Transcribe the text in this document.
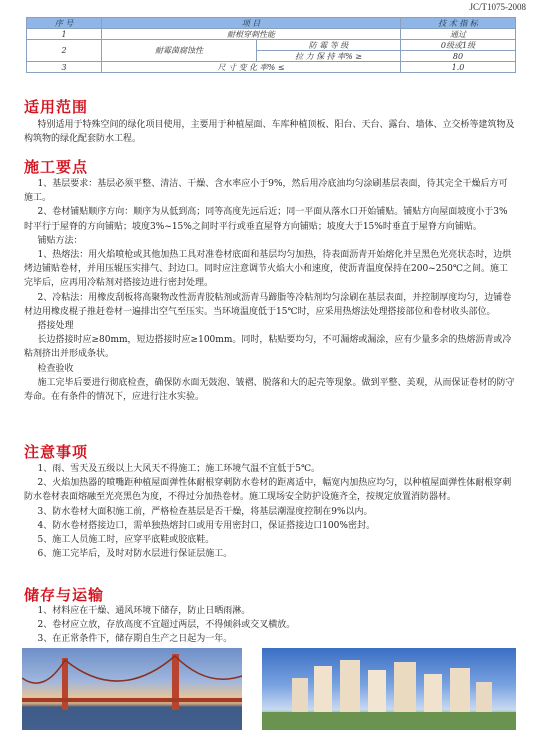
JC/T1075-2008
序 号	项 目		技 术 指 标
1	耐根穿刺性能		通过
2	耐霉菌腐蚀性	防 霉 等 级	0级或1级
		拉 力 保 持 率% ≥	80
3	尺 寸 变 化 率% ≤		1.0
适用范围

特别适用于特殊空间的绿化项目使用，主要用于种植屋面、车库种植顶板、阳台、天台、露台、墙体、立交桥等建筑物及构筑物的绿化配套防水工程。

施工要点

1、基层要求：基层必须平整、清洁、干燥、含水率应小于9%，然后用冷底油均匀涂刷基层表面，待其完全干燥后方可施工。

2、卷材铺贴顺序方向：顺序为从低到高；同等高度先远后近；同一平面从落水口开始铺贴。铺贴方向屋面坡度小于3%时平行于屋脊的方向铺贴；坡度3%~15%之间时平行或垂直屋脊方向铺贴；坡度大于15%时垂直于屋脊方向铺贴。

铺贴方法：

1、热熔法：用火焰喷枪或其他加热工具对准卷材底面和基层均匀加热，待表面沥青开始熔化并呈黑色光亮状态时，边烘烤边铺贴卷材，并用压辊压实排气、封边口。同时应注意调节火焰大小和速度，使沥青温度保持在200~250℃之间。施工完毕后，应再用冷粘剂对搭接边进行密封处理。

2、冷粘法：用橡皮刮板将高聚物改性沥青胶粘剂或沥青马蹄脂等冷粘剂均匀涂刷在基层表面，并控制厚度均匀，边铺卷材边用橡皮棍子推赶卷材一遍排出空气至压实。当环境温度低于15℃时，应采用热熔法处理搭接部位和卷材收头部位。

搭接处理

长边搭接时应≥80mm，短边搭接时应≥100mm。同时，粘贴要均匀，不可漏熔或漏涂，应有少量多余的热熔沥青或冷粘剂挤出并形成条状。

检查验收

施工完毕后要进行彻底检查，确保防水面无鼓泡、皱褶、脱落和大的起壳等现象。做到平整、美观，从而保证卷材的防守寿命。在有条件的情况下，应进行注水实验。

注意事项

1、雨、雪天及五级以上大风天不得施工；施工环境气温不宜低于5℃。

2、火焰加热器的喷嘴距种植屋面弹性体耐根穿刺防水卷材的距离适中，幅宽内加热应均匀，以种植屋面弹性体耐根穿刺防水卷材表面熔融至光亮黑色为度，不得过分加热卷材。施工现场安全防护设施齐全，按规定放置消防器材。

3、防水卷材大面积施工前，严格检查基层是否干燥，将基层潮湿度控制在9%以内。

4、防水卷材搭接边口，需单独热熔封口或用专用密封口，保证搭接边口100%密封。

5、施工人员施工时，应穿平底鞋或胶底鞋。

6、施工完毕后，及时对防水层进行保证层施工。

储存与运输

1、材料应在干燥、通风环境下储存，防止日晒雨淋。

2、卷材应立放，存放高度不宜超过两层，不得倾斜或交叉横放。

3、在正常条件下，储存期自生产之日起为一年。
